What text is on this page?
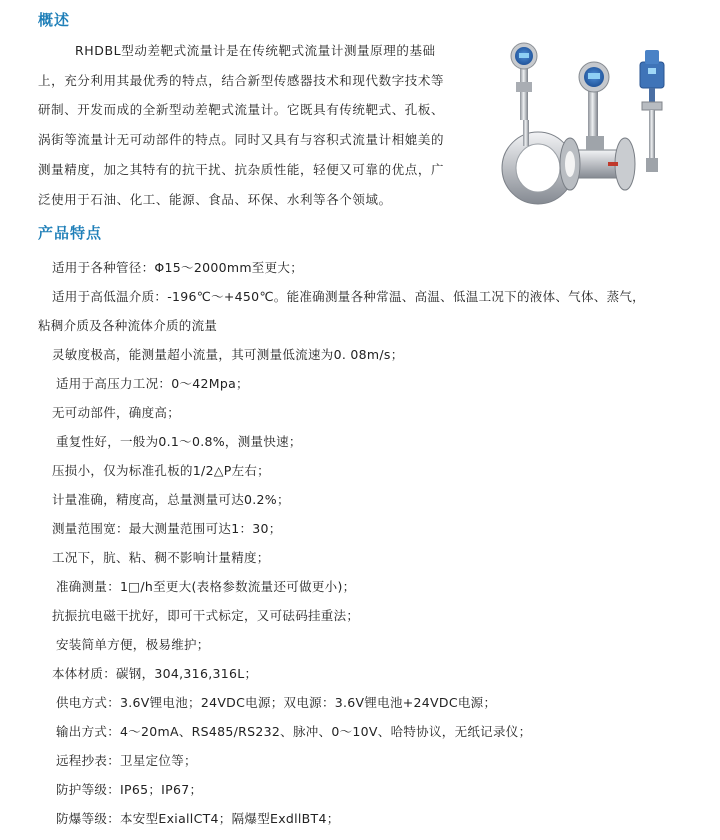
概述
RHDBL型动差靶式流量计是在传统靶式流量计测量原理的基础
上，充分利用其最优秀的特点，结合新型传感器技术和现代数字技术等
研制、开发而成的全新型动差靶式流量计。它既具有传统靶式、孔板、
涡街等流量计无可动部件的特点。同时又具有与容积式流量计相媲美的
测量精度，加之其特有的抗干扰、抗杂质性能，轻便又可靠的优点，广
泛使用于石油、化工、能源、食品、环保、水利等各个领域。
产品特点
适用于各种管径：Φ15～2000mm至更大；
适用于高低温介质：-196℃～+450℃。能准确测量各种常温、高温、低温工况下的液体、气体、蒸气，
粘稠介质及各种流体介质的流量
灵敏度极高，能测量超小流量，其可测量低流速为0. 08m/s；
适用于高压力工况：0～42Mpa；
无可动部件，确度高；
重复性好，一般为0.1～0.8%，测量快速；
压损小，仅为标准孔板的1/2△P左右；
计量准确，精度高，总量测量可达0.2%；
测量范围宽：最大测量范围可达1：30；
工况下，肮、粘、稠不影响计量精度；
准确测量：1□/h至更大(表格参数流量还可做更小)；
抗振抗电磁干扰好，即可干式标定，又可砝码挂重法；
安装简单方便，极易维护；
本体材质：碳钢，304,316,316L；
供电方式：3.6V锂电池；24VDC电源；双电源：3.6V锂电池+24VDC电源；
输出方式：4～20mA、RS485/RS232、脉冲、0～10V、哈特协议，无纸记录仪；
远程抄表：卫星定位等；
防护等级：IP65；IP67；
防爆等级：本安型ExiallCT4；隔爆型ExdllBT4；
